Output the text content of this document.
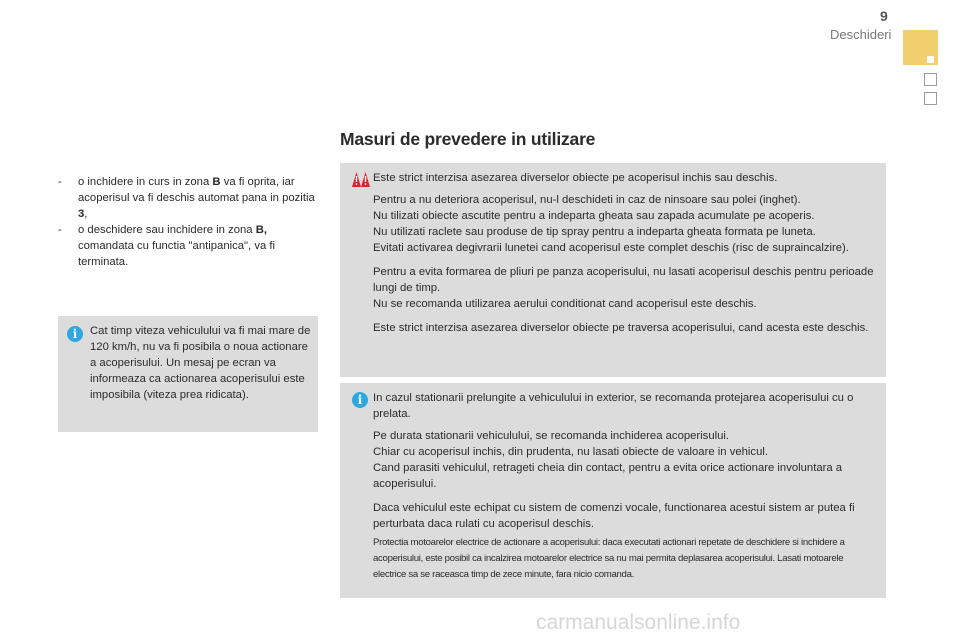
9
Deschideri
Masuri de prevedere in utilizare
-	o inchidere in curs in zona B va fi oprita, iar acoperisul va fi deschis automat pana in pozitia 3,
-	o deschidere sau inchidere in zona B, comandata cu functia "antipanica", va fi terminata.
i	Cat timp viteza vehiculului va fi mai mare de 120 km/h, nu va fi posibila o noua actionare a acoperisului. Un mesaj pe ecran va informeaza ca actionarea acoperisului este imposibila (viteza prea ridicata).

Este strict interzisa asezarea diverselor obiecte pe acoperisul inchis sau deschis.

Pentru a nu deteriora acoperisul, nu-l deschideti in caz de ninsoare sau polei (inghet).
Nu tilizati obiecte ascutite pentru a indeparta gheata sau zapada acumulate pe acoperis.
Nu utilizati raclete sau produse de tip spray pentru a indeparta gheata formata pe luneta.
Evitati activarea degivrarii lunetei cand acoperisul este complet deschis (risc de supraincalzire).

Pentru a evita formarea de pliuri pe panza acoperisului, nu lasati acoperisul deschis pentru perioade lungi de timp.
Nu se recomanda utilizarea aerului conditionat cand acoperisul este deschis.

Este strict interzisa asezarea diverselor obiecte pe traversa acoperisului, cand acesta este deschis.

i In cazul stationarii prelungite a vehiculului in exterior, se recomanda protejarea acoperisului cu o prelata.

Pe durata stationarii vehiculului, se recomanda inchiderea acoperisului.
Chiar cu acoperisul inchis, din prudenta, nu lasati obiecte de valoare in vehicul.
Cand parasiti vehiculul, retrageti cheia din contact, pentru a evita orice actionare involuntara a acoperisului.

Daca vehiculul este echipat cu sistem de comenzi vocale, functionarea acestui sistem ar putea fi perturbata daca rulati cu acoperisul deschis.

Protectia motoarelor electrice de actionare a acoperisului: daca executati actionari repetate de deschidere si inchidere a acoperisului, este posibil ca incalzirea motoarelor electrice sa nu mai permita deplasarea acoperisului. Lasati motoarele electrice sa se raceasca timp de zece minute, fara nicio comanda.

carmanualsonline.info
